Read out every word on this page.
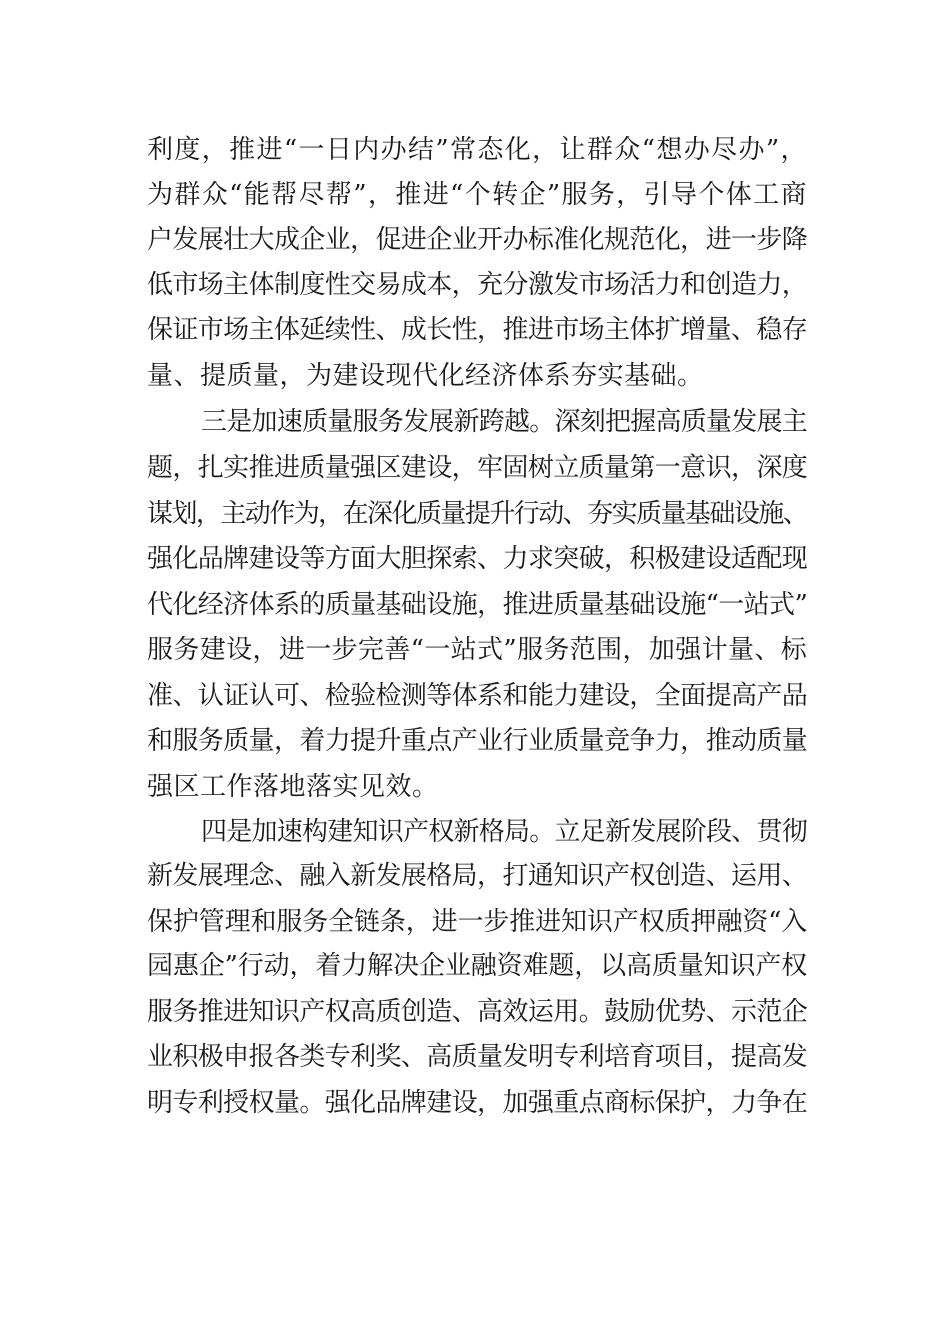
利度，推进“一日内办结”常态化，让群众“想办尽办”，
为群众“能帮尽帮”，推进“个转企”服务，引导个体工商
户发展壮大成企业，促进企业开办标准化规范化，进一步降
低市场主体制度性交易成本，充分激发市场活力和创造力，
保证市场主体延续性、成长性，推进市场主体扩增量、稳存
量、提质量，为建设现代化经济体系夯实基础。
三是加速质量服务发展新跨越。深刻把握高质量发展主
题，扎实推进质量强区建设，牢固树立质量第一意识，深度
谋划，主动作为，在深化质量提升行动、夯实质量基础设施、
强化品牌建设等方面大胆探索、力求突破，积极建设适配现
代化经济体系的质量基础设施，推进质量基础设施“一站式”
服务建设，进一步完善“一站式”服务范围，加强计量、标
准、认证认可、检验检测等体系和能力建设，全面提高产品
和服务质量，着力提升重点产业行业质量竞争力，推动质量
强区工作落地落实见效。
四是加速构建知识产权新格局。立足新发展阶段、贯彻
新发展理念、融入新发展格局，打通知识产权创造、运用、
保护管理和服务全链条，进一步推进知识产权质押融资“入
园惠企”行动，着力解决企业融资难题，以高质量知识产权
服务推进知识产权高质创造、高效运用。鼓励优势、示范企
业积极申报各类专利奖、高质量发明专利培育项目，提高发
明专利授权量。强化品牌建设，加强重点商标保护，力争在
